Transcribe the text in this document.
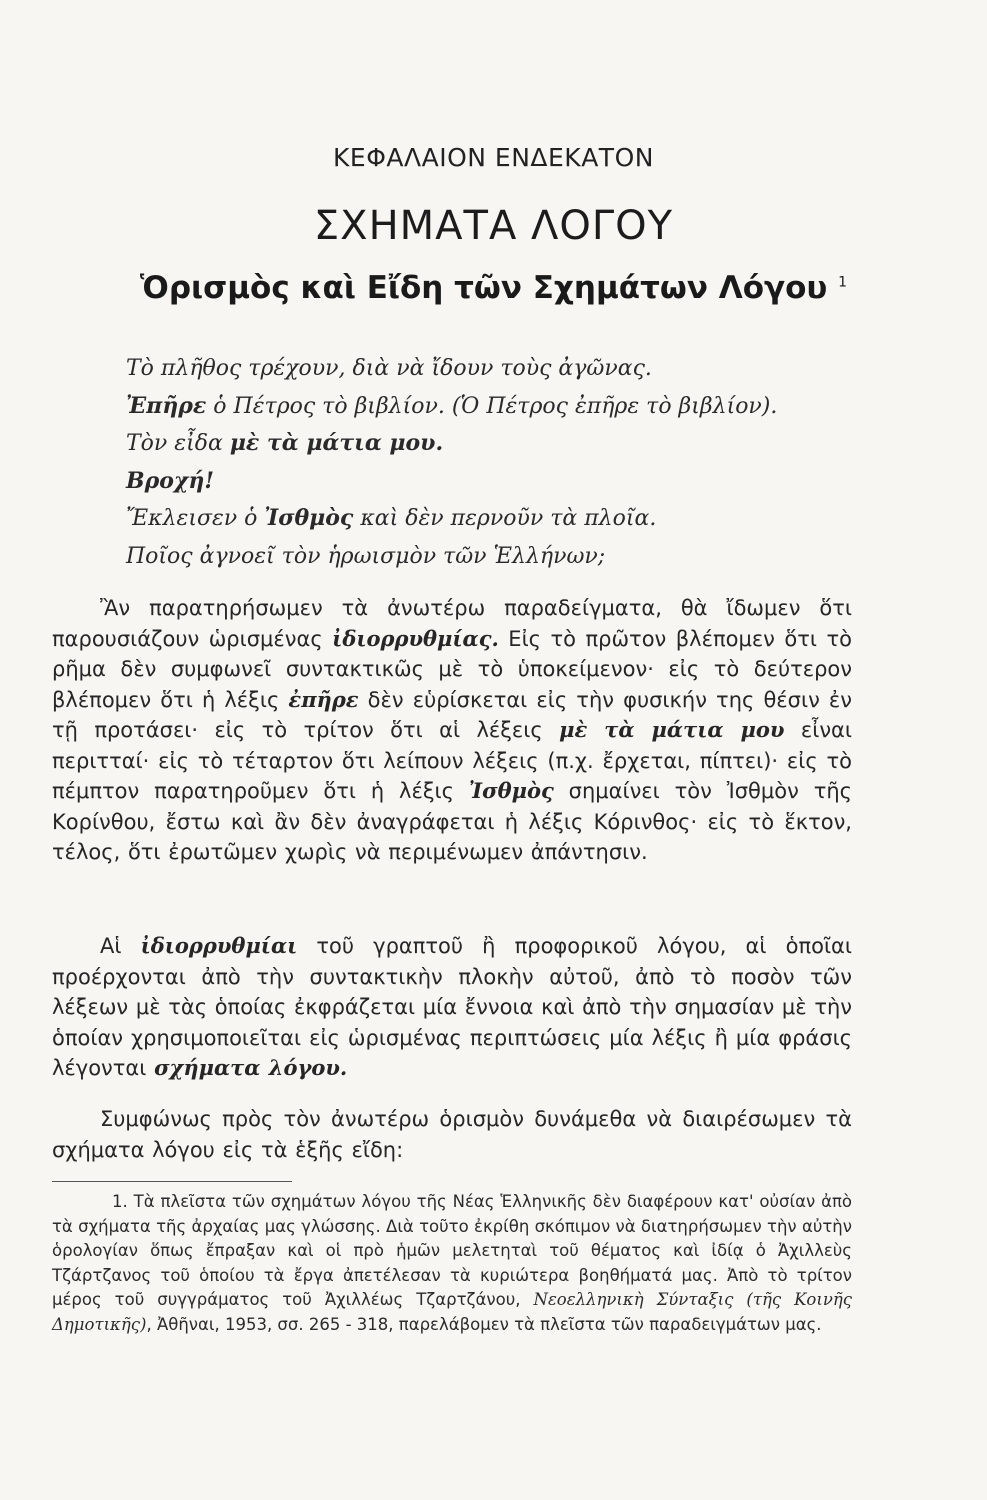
ΚΕΦΑΛΑΙΟΝ ΕΝΔΕΚΑΤΟΝ
ΣΧΗΜΑΤΑ ΛΟΓΟΥ
Ὁρισμὸς καὶ Εἴδη τῶν Σχημάτων Λόγου $^1$
Τὸ πλῆθος τρέχουν, διὰ νὰ ἴδουν τοὺς ἀγῶνας.
Ἐπῆρε ὁ Πέτρος τὸ βιβλίον. (Ὁ Πέτρος ἐπῆρε τὸ βιβλίον).
Τὸν εἶδα μὲ τὰ μάτια μου.
Βροχή!
Ἔκλεισεν ὁ Ἰσθμὸς καὶ δὲν περνοῦν τὰ πλοῖα.
Ποῖος ἀγνοεῖ τὸν ἡρωισμὸν τῶν Ἑλλήνων;
Ἂν παρατηρήσωμεν τὰ ἀνωτέρω παραδείγματα, θὰ ἴδωμεν ὅτι παρουσιάζουν ὡρισμένας ἰδιορρυθμίας. Εἰς τὸ πρῶτον βλέπομεν ὅτι τὸ ρῆμα δὲν συμφωνεῖ συντακτικῶς μὲ τὸ ὑποκείμενον· εἰς τὸ δεύτερον βλέπομεν ὅτι ἡ λέξις ἐπῆρε δὲν εὑρίσκεται εἰς τὴν φυσικήν της θέσιν ἐν τῇ προτάσει· εἰς τὸ τρίτον ὅτι αἱ λέξεις μὲ τὰ μάτια μου εἶναι περιτταί· εἰς τὸ τέταρτον ὅτι λείπουν λέξεις (π.χ. ἔρχεται, πίπτει)· εἰς τὸ πέμπτον παρατηροῦμεν ὅτι ἡ λέξις Ἰσθμὸς σημαίνει τὸν Ἰσθμὸν τῆς Κορίνθου, ἔστω καὶ ἂν δὲν ἀναγράφεται ἡ λέξις Κόρινθος· εἰς τὸ ἕκτον, τέλος, ὅτι ἐρωτῶμεν χωρὶς νὰ περιμένωμεν ἀπάντησιν.
Αἱ ἰδιορρυθμίαι τοῦ γραπτοῦ ἢ προφορικοῦ λόγου, αἱ ὁποῖαι προέρχονται ἀπὸ τὴν συντακτικὴν πλοκὴν αὐτοῦ, ἀπὸ τὸ ποσὸν τῶν λέξεων μὲ τὰς ὁποίας ἐκφράζεται μία ἔννοια καὶ ἀπὸ τὴν σημασίαν μὲ τὴν ὁποίαν χρησιμοποιεῖται εἰς ὡρισμένας περιπτώσεις μία λέξις ἢ μία φράσις λέγονται σχήματα λόγου.
Συμφώνως πρὸς τὸν ἀνωτέρω ὁρισμὸν δυνάμεθα νὰ διαιρέσωμεν τὰ σχήματα λόγου εἰς τὰ ἑξῆς εἴδη:
1. Τὰ πλεῖστα τῶν σχημάτων λόγου τῆς Νέας Ἑλληνικῆς δὲν διαφέρουν κατ' οὐσίαν ἀπὸ τὰ σχήματα τῆς ἀρχαίας μας γλώσσης. Διὰ τοῦτο ἐκρίθη σκόπιμον νὰ διατηρήσωμεν τὴν αὐτὴν ὁρολογίαν ὅπως ἔπραξαν καὶ οἱ πρὸ ἡμῶν μελετηταὶ τοῦ θέματος καὶ ἰδίᾳ ὁ Ἀχιλλεὺς Τζάρτζανος τοῦ ὁποίου τὰ ἔργα ἀπετέλεσαν τὰ κυριώτερα βοηθήματά μας. Ἀπὸ τὸ τρίτον μέρος τοῦ συγγράματος τοῦ Ἀχιλλέως Τζαρτζάνου, Νεοελληνικὴ Σύνταξις (τῆς Κοινῆς Δημοτικῆς), Ἀθῆναι, 1953, σσ. 265 - 318, παρελάβομεν τὰ πλεῖστα τῶν παραδειγμάτων μας.
